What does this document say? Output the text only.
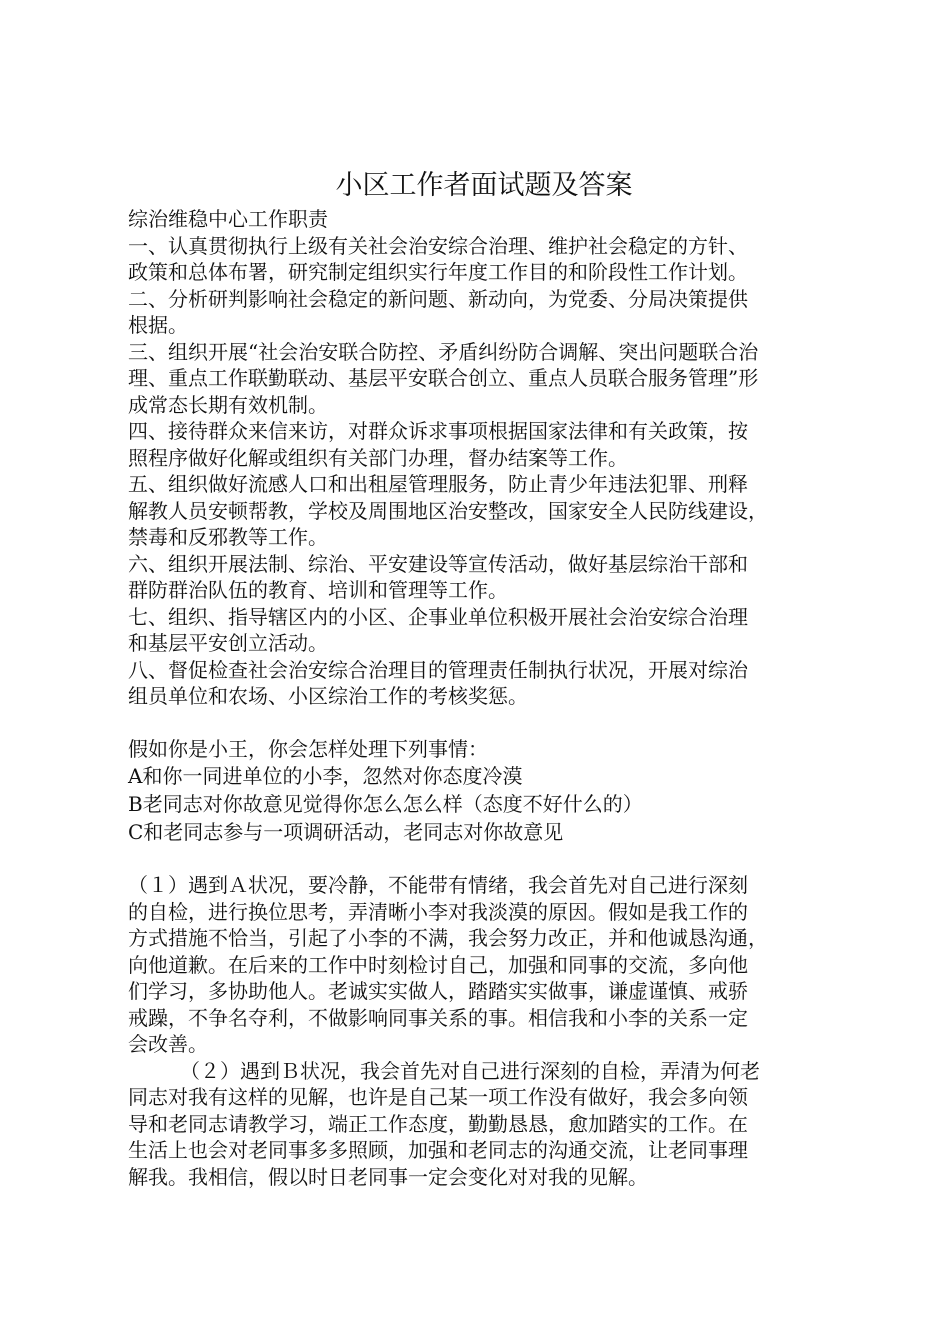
小区工作者面试题及答案

综治维稳中心工作职责

一、认真贯彻执行上级有关社会治安综合治理、维护社会稳定的方针、

政策和总体布署，研究制定组织实行年度工作目的和阶段性工作计划。

二、分析研判影响社会稳定的新问题、新动向，为党委、分局决策提供

根据。

三、组织开展“社会治安联合防控、矛盾纠纷防合调解、突出问题联合治

理、重点工作联勤联动、基层平安联合创立、重点人员联合服务管理”形

成常态长期有效机制。

四、接待群众来信来访，对群众诉求事项根据国家法律和有关政策，按

照程序做好化解或组织有关部门办理，督办结案等工作。

五、组织做好流感人口和出租屋管理服务，防止青少年违法犯罪、刑释

解教人员安顿帮教，学校及周围地区治安整改，国家安全人民防线建设，

禁毒和反邪教等工作。

六、组织开展法制、综治、平安建设等宣传活动，做好基层综治干部和

群防群治队伍的教育、培训和管理等工作。

七、组织、指导辖区内的小区、企事业单位积极开展社会治安综合治理

和基层平安创立活动。

八、督促检查社会治安综合治理目的管理责任制执行状况，开展对综治

组员单位和农场、小区综治工作的考核奖惩。

假如你是小王，你会怎样处理下列事情：

A和你一同进单位的小李，忽然对你态度冷漠

B老同志对你故意见觉得你怎么怎么样（态度不好什么的）

C和老同志参与一项调研活动，老同志对你故意见

（１）遇到Ａ状况，要冷静，不能带有情绪，我会首先对自己进行深刻

的自检，进行换位思考，弄清晰小李对我淡漠的原因。假如是我工作的

方式措施不恰当，引起了小李的不满，我会努力改正，并和他诚恳沟通，

向他道歉。在后来的工作中时刻检讨自己，加强和同事的交流，多向他

们学习，多协助他人。老诚实实做人，踏踏实实做事，谦虚谨慎、戒骄

戒躁，不争名夺利，不做影响同事关系的事。相信我和小李的关系一定

会改善。

（２）遇到Ｂ状况，我会首先对自己进行深刻的自检，弄清为何老

同志对我有这样的见解，也许是自己某一项工作没有做好，我会多向领

导和老同志请教学习，端正工作态度，勤勤恳恳，愈加踏实的工作。在

生活上也会对老同事多多照顾，加强和老同志的沟通交流，让老同事理

解我。我相信，假以时日老同事一定会变化对对我的见解。
